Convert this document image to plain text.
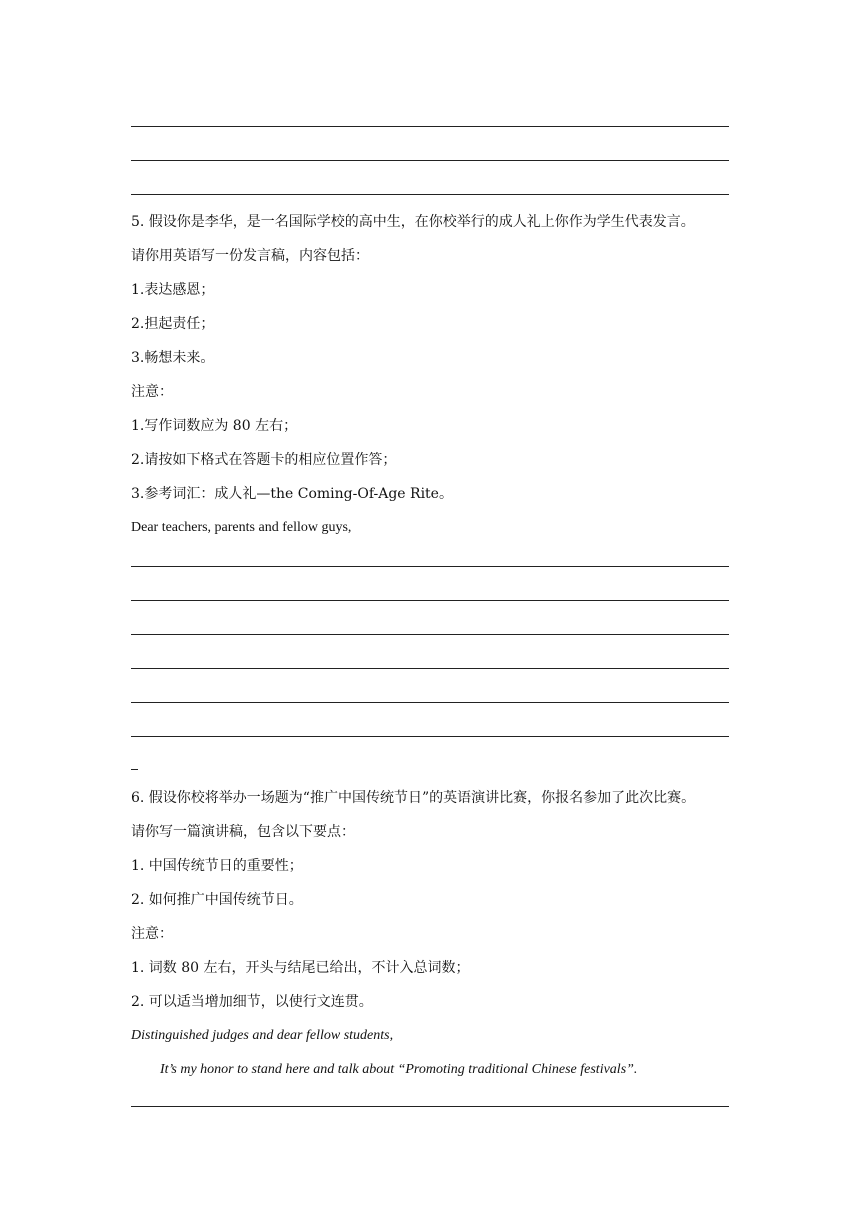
5. 假设你是李华，是一名国际学校的高中生，在你校举行的成人礼上你作为学生代表发言。
请你用英语写一份发言稿，内容包括：
1.表达感恩；
2.担起责任；
3.畅想未来。
注意：
1.写作词数应为 80 左右；
2.请按如下格式在答题卡的相应位置作答；
3.参考词汇：成人礼—the Coming-Of-Age Rite。
Dear teachers, parents and fellow guys,
6. 假设你校将举办一场题为“推广中国传统节日”的英语演讲比赛，你报名参加了此次比赛。
请你写一篇演讲稿，包含以下要点：
1. 中国传统节日的重要性；
2. 如何推广中国传统节日。
注意：
1. 词数 80 左右，开头与结尾已给出，不计入总词数；
2. 可以适当增加细节，以使行文连贯。
Distinguished judges and dear fellow students,
It’s my honor to stand here and talk about “Promoting traditional Chinese festivals”.
